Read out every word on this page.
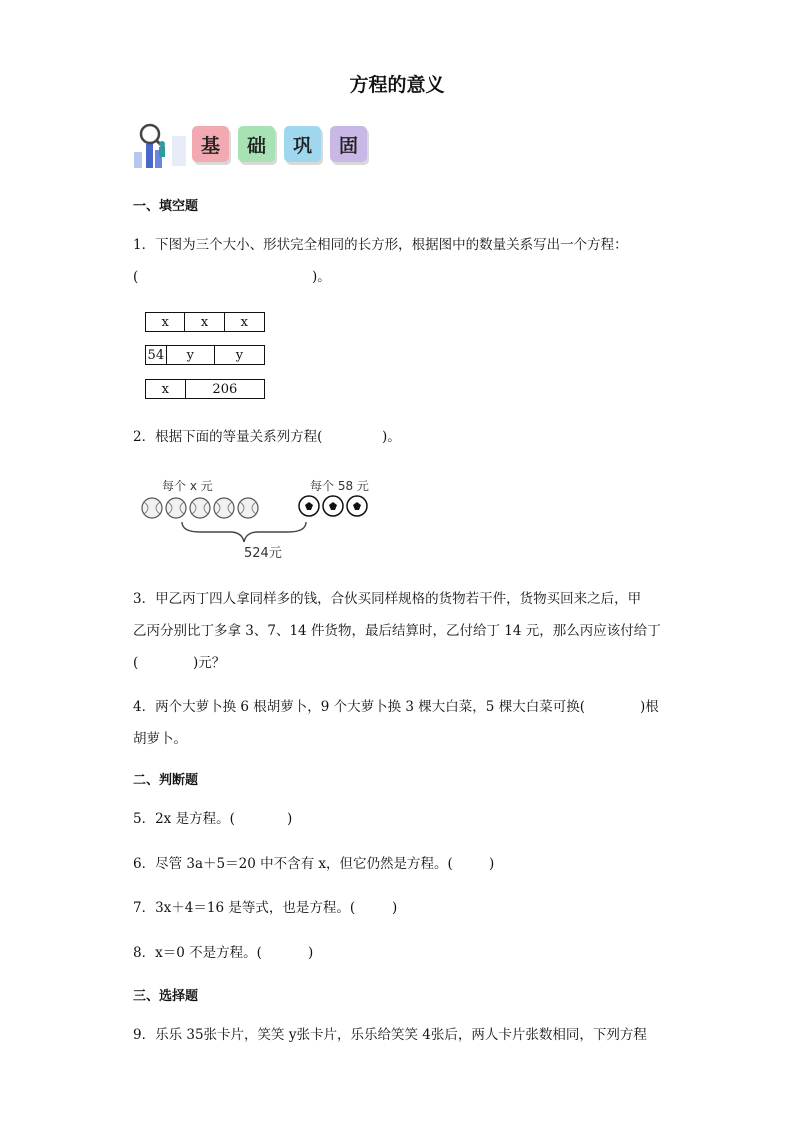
方程的意义
基	础	巩	固
一、填空题
1．下图为三个大小、形状完全相同的长方形，根据图中的数量关系写出一个方程：
(	)。
x	x	x
54	y	y
x	206
2．根据下面的等量关系列方程(	)。
每个 x 元	每个 58 元
524元
3．甲乙丙丁四人拿同样多的钱，合伙买同样规格的货物若干件，货物买回来之后，甲
乙丙分别比丁多拿 3、7、14 件货物，最后结算时，乙付给丁 14 元，那么丙应该付给丁
(	)元？
4．两个大萝卜换 6 根胡萝卜，9 个大萝卜换 3 棵大白菜，5 棵大白菜可换(	)根
胡萝卜。
二、判断题
5．2x 是方程。(	)
6．尽管 3a＋5＝20 中不含有 x，但它仍然是方程。(	)
7．3x＋4＝16 是等式，也是方程。(	)
8．x＝0 不是方程。(	)
三、选择题
9．乐乐 35张卡片，笑笑 y张卡片，乐乐给笑笑 4张后，两人卡片张数相同，下列方程
